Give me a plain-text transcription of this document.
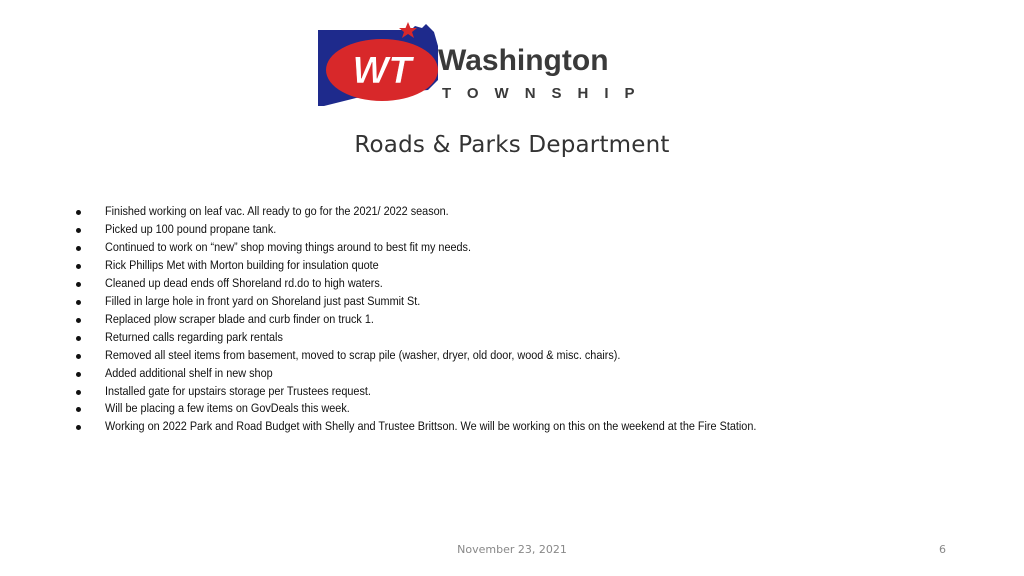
WT Washington
TOWNSHIP
Roads & Parks Department
Finished working on leaf vac. All ready to go for the 2021/ 2022 season.
Picked up 100 pound propane tank.
Continued to work on “new” shop moving things around to best fit my needs.
Rick Phillips Met with Morton building for insulation quote
Cleaned up dead ends off Shoreland rd.do to high waters.
Filled in large hole in front yard on Shoreland just past Summit St.
Replaced plow scraper blade and curb finder on truck 1.
Returned calls regarding park rentals
Removed all steel items from basement, moved to scrap pile (washer, dryer, old door, wood & misc. chairs).
Added additional shelf in new shop
Installed gate for upstairs storage per Trustees request.
Will be placing a few items on GovDeals this week.
Working on 2022 Park and Road Budget with Shelly and Trustee Brittson. We will be working on this on the weekend at the Fire Station.
November 23, 2021	6
